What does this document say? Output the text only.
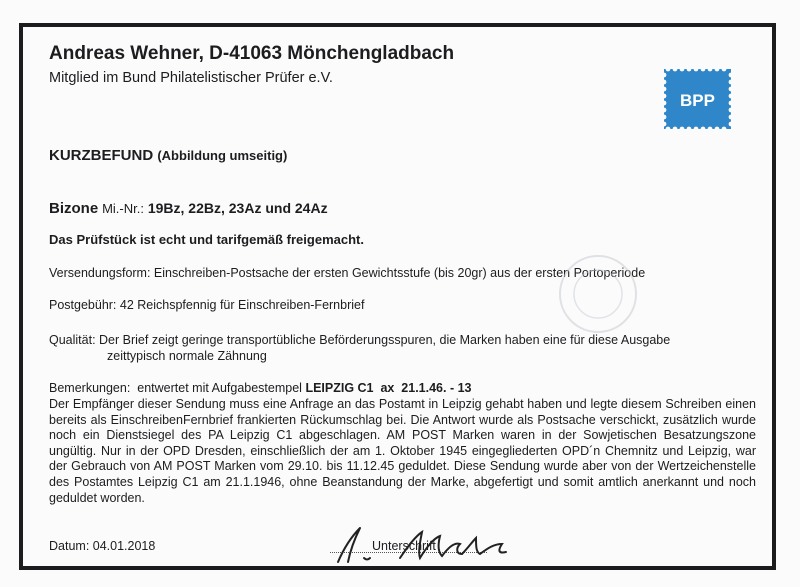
Andreas Wehner, D-41063 Mönchengladbach
Mitglied im Bund Philatelistischer Prüfer e.V.
BPP
KURZBEFUND (Abbildung umseitig)
Bizone Mi.-Nr.: 19Bz, 22Bz, 23Az und 24Az
Das Prüfstück ist echt und tarifgemäß freigemacht.
Versendungsform: Einschreiben-Postsache der ersten Gewichtsstufe (bis 20gr) aus der ersten Portoperiode
Postgebühr: 42 Reichspfennig für Einschreiben-Fernbrief
Qualität: Der Brief zeigt geringe transportübliche Beförderungsspuren, die Marken haben eine für diese Ausgabe
zeittypisch normale Zähnung
Bemerkungen: entwertet mit Aufgabestempel LEIPZIG C1  ax  21.1.46. - 13
Der Empfänger dieser Sendung muss eine Anfrage an das Postamt in Leipzig gehabt haben und legte diesem Schreiben einen bereits als EinschreibenFernbrief frankierten Rückumschlag bei. Die Antwort wurde als Postsache verschickt, zusätzlich wurde noch ein Dienstsiegel des PA Leipzig C1 abgeschlagen. AM POST Marken waren in der Sowjetischen Besatzungszone ungültig. Nur in der OPD Dresden, einschließlich der am 1. Oktober 1945 eingegliederten OPD´n Chemnitz und Leipzig, war der Gebrauch von AM POST Marken vom 29.10. bis 11.12.45 geduldet. Diese Sendung wurde aber von der Wertzeichenstelle des Postamtes Leipzig C1 am 21.1.1946, ohne Beanstandung der Marke, abgefertigt und somit amtlich anerkannt und noch geduldet worden.
Datum: 04.01.2018	Unterschrift
